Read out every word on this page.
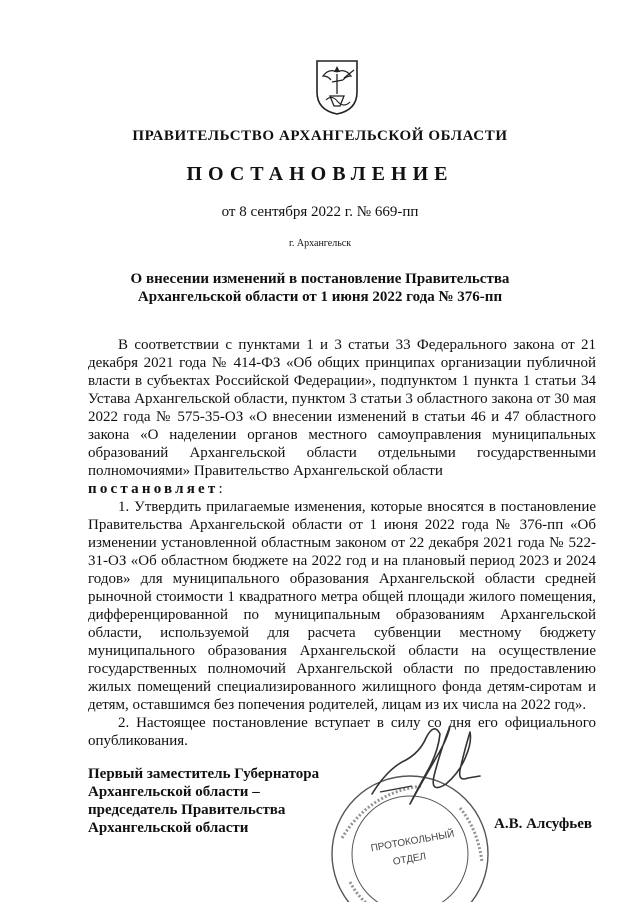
ПРАВИТЕЛЬСТВО АРХАНГЕЛЬСКОЙ ОБЛАСТИ
ПОСТАНОВЛЕНИЕ
от 8 сентября 2022 г. № 669-пп
г. Архангельск
О внесении изменений в постановление Правительства
Архангельской области от 1 июня 2022 года № 376-пп

В соответствии с пунктами 1 и 3 статьи 33 Федерального закона от 21 декабря 2021 года № 414-ФЗ «Об общих принципах организации публичной власти в субъектах Российской Федерации», подпунктом 1 пункта 1 статьи 34 Устава Архангельской области, пунктом 3 статьи 3 областного закона от 30 мая 2022 года № 575-35-ОЗ «О внесении изменений в статьи 46 и 47 областного закона «О наделении органов местного самоуправления муниципальных образований Архангельской области отдельными государственными полномочиями» Правительство Архангельской области
постановляет:

1. Утвердить прилагаемые изменения, которые вносятся в постановление Правительства Архангельской области от 1 июня 2022 года № 376-пп «Об изменении установленной областным законом от 22 декабря 2021 года № 522-31-ОЗ «Об областном бюджете на 2022 год и на плановый период 2023 и 2024 годов» для муниципального образования Архангельской области средней рыночной стоимости 1 квадратного метра общей площади жилого помещения, дифференцированной по муниципальным образованиям Архангельской области, используемой для расчета субвенции местному бюджету муниципального образования Архангельской области на осуществление государственных полномочий Архангельской области по предоставлению жилых помещений специализированного жилищного фонда детям-сиротам и детям, оставшимся без попечения родителей, лицам из их числа на 2022 год».

2. Настоящее постановление вступает в силу со дня его официального опубликования.

Первый заместитель Губернатора
Архангельской области –
председатель Правительства
Архангельской области
ПРОТОКОЛЬНЫЙ
ОТДЕЛ
А.В. Алсуфьев
